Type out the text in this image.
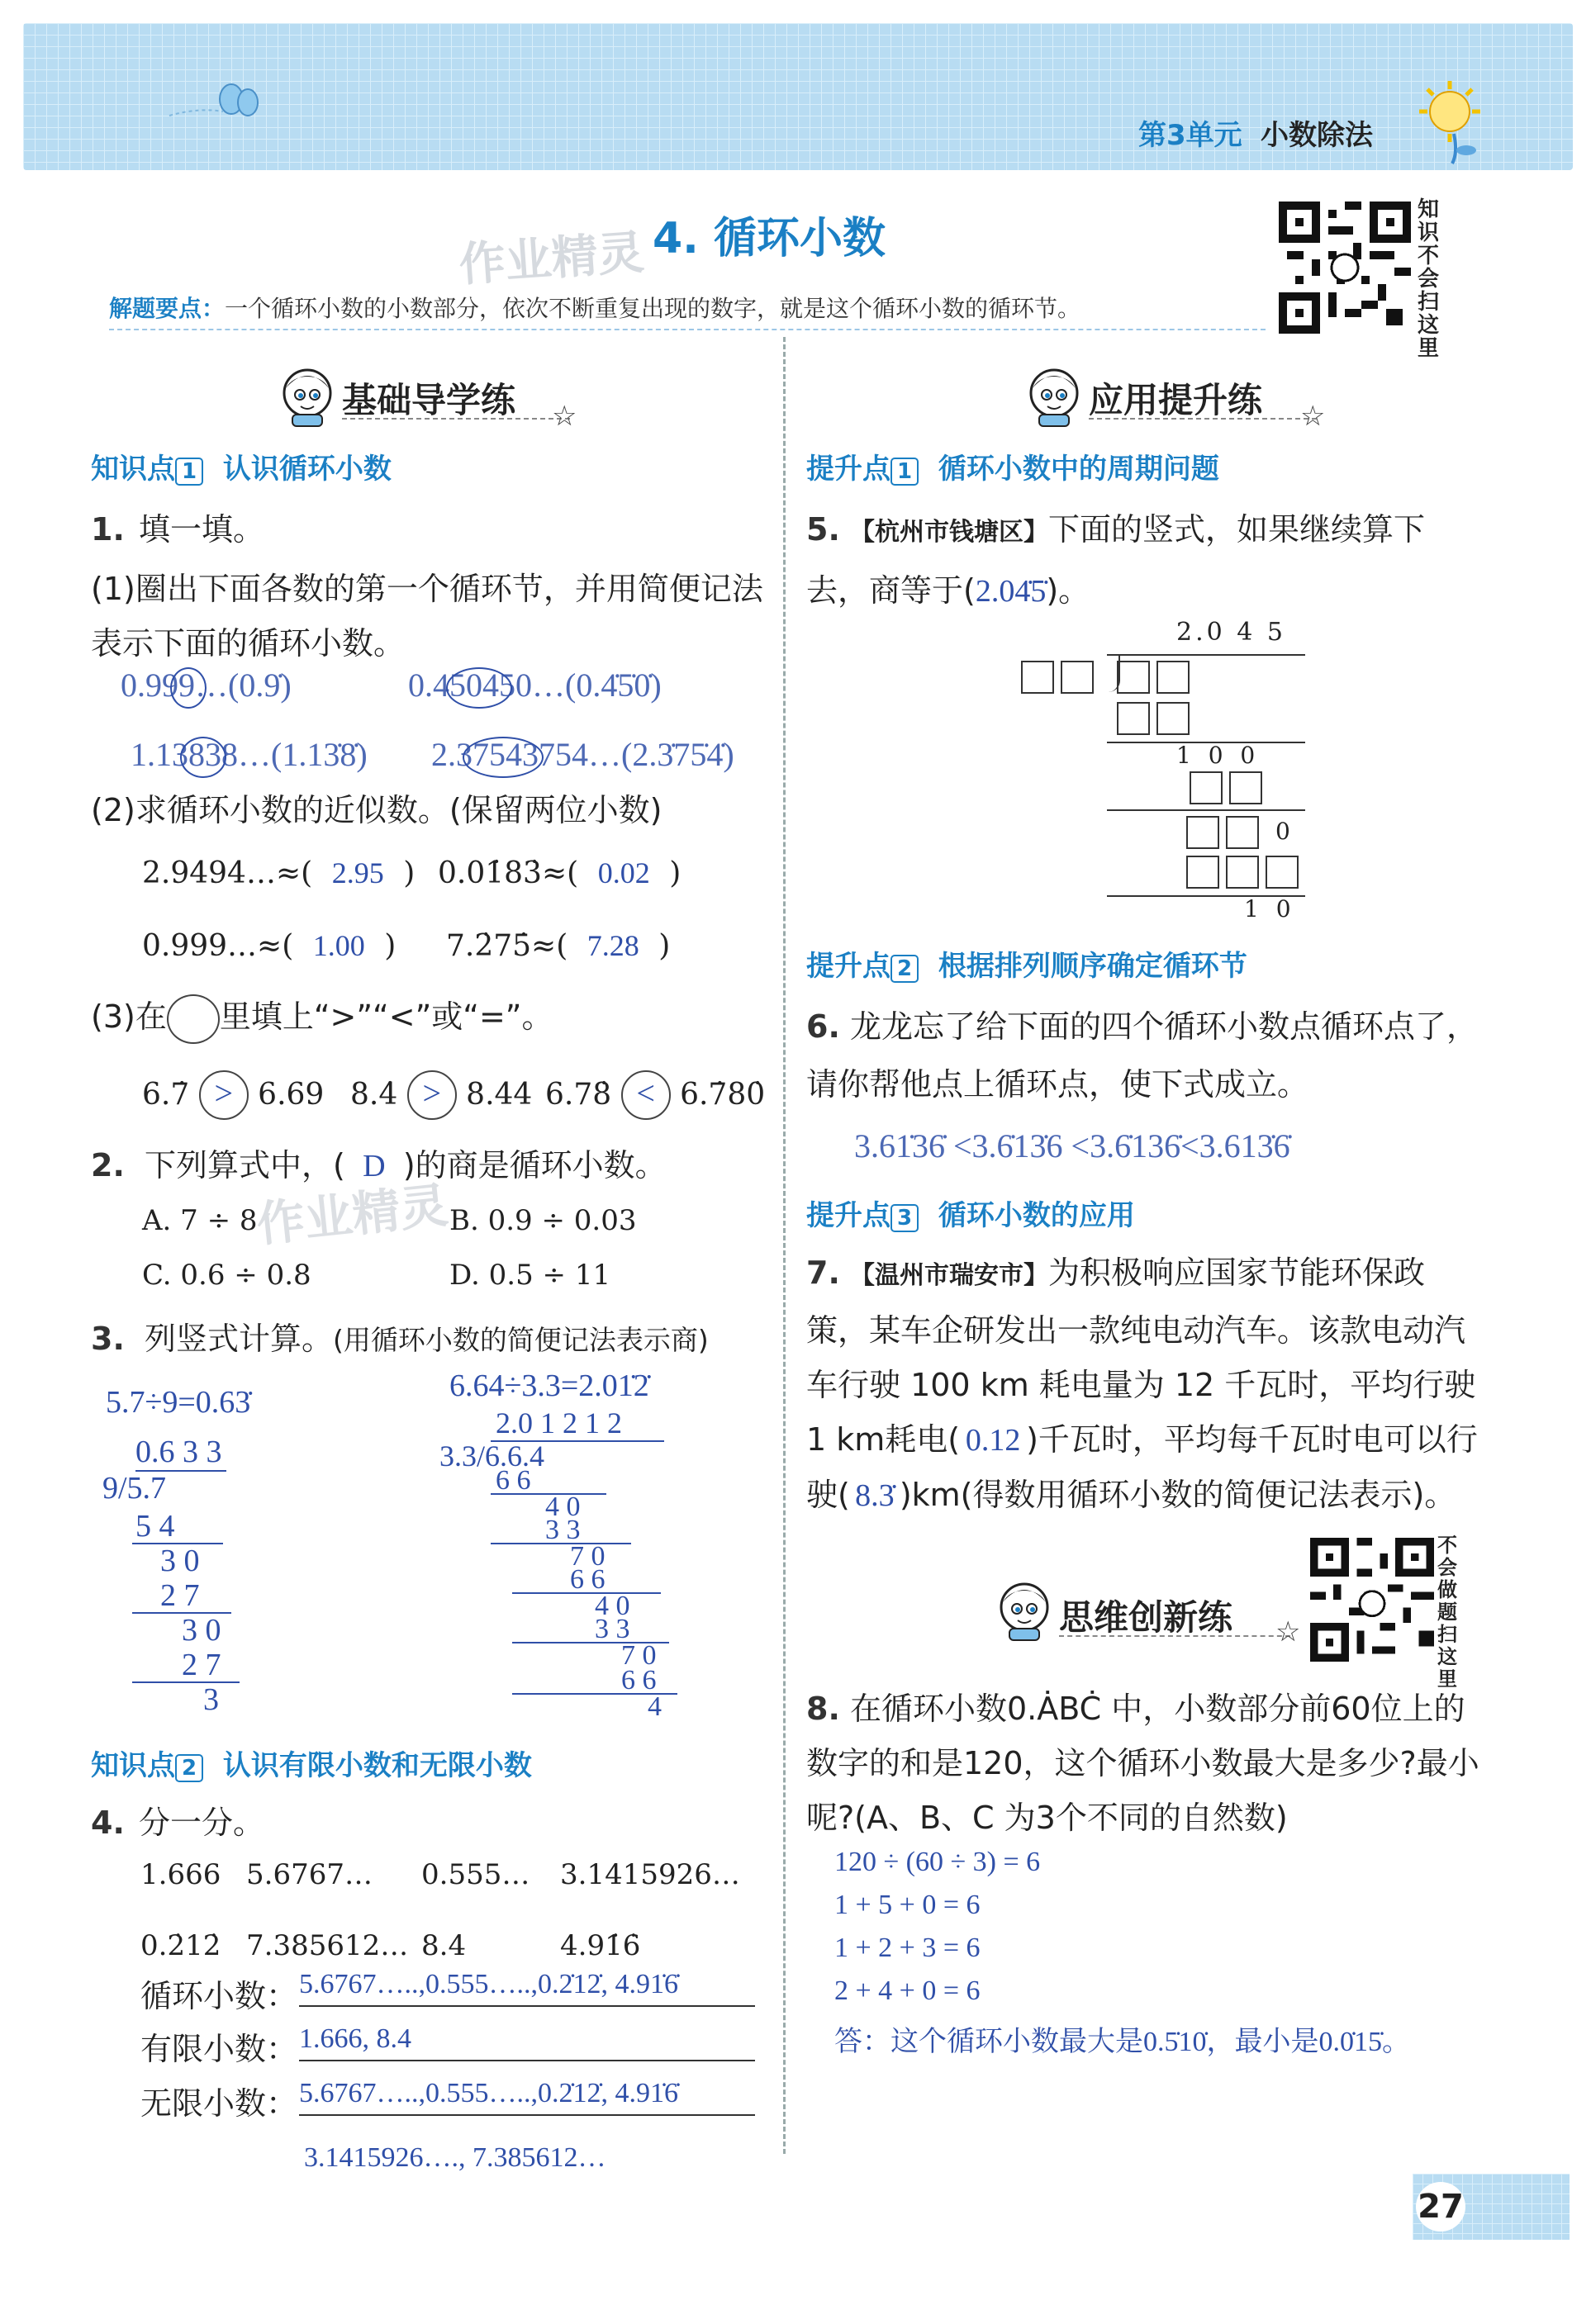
第3单元 小数除法
作业精灵 4. 循环小数
解题要点：一个循环小数的小数部分，依次不断重复出现的数字，就是这个循环小数的循环节。
知识不会扫这里
基础导学练 ☆
知识点 1 认识循环小数
1. 填一填。
(1)圈出下面各数的第一个循环节，并用简便记法表示下面的循环小数。
0.999…(0.9̇)	0.450450…(0.4̇5̇0̇)
1.13838…(1.13̇8̇) 2.37543754…(2.3̇75̇4̇)
(2)求循环小数的近似数。(保留两位小数)
2.9494…≈( 2.95 ) 0.01̇83̇≈( 0.02 )
0.999…≈( 1.00 ) 7.2̇75̇≈( 7.28 )
(3)在 里填上“>”“<”或“=”。
6.7̇ > 6.69 8.4̇ > 8.44 6.78̇ < 6.7̇80̇
2. 下列算式中，( D )的商是循环小数。
作业精灵
A. 7 ÷ 8	B. 0.9 ÷ 0.03
C. 0.6 ÷ 0.8	D. 0.5 ÷ 11
3. 列竖式计算。(用循环小数的简便记法表示商)
5.7÷9=0.63̇
0.6 3 3
9/5.7
5 4
3 0
2 7
3 0
2 7
3
6.64÷3.3=2.01̇2̇
2.0 1 2 1 2
3.3/6.6.4
6 6
4 0
3 3
7 0
6 6
4 0
3 3
7 0
6 6
4
知识点 2 认识有限小数和无限小数
4. 分一分。
1.666 5.6767… 0.555… 3.1415926…
0.2̇12̇ 7.385612… 8.4	4.91̇6̇
循环小数： 5.6767…..,0.555…..,0.2̇12̇, 4.91̇6̇
有限小数： 1.666, 8.4
无限小数： 5.6767…..,0.555…..,0.2̇12̇, 4.91̇6̇
3.1415926…., 7.385612…
应用提升练 ☆
提升点 1 循环小数中的周期问题
5. 【杭州市钱塘区】下面的竖式，如果继续算下去，商等于(2.04̇5̇)。
2.0 4 5
1 0 0
0
1 0
提升点 2 根据排列顺序确定循环节
6. 龙龙忘了给下面的四个循环小数点循环点了，请你帮他点上循环点，使下式成立。
3.61̇36̇ <3.6̇13̇6 <3.6̇136̇<3.613̇6̇
提升点 3 循环小数的应用
7. 【温州市瑞安市】为积极响应国家节能环保政策，某车企研发出一款纯电动汽车。该款电动汽车行驶 100 km 耗电量为 12 千瓦时，平均行驶1 km耗电( 0.12 )千瓦时，平均每千瓦时电可以行驶( 8.3̇ )km(得数用循环小数的简便记法表示)。
不会做题扫这里
思维创新练 ☆
8. 在循环小数0.ȦBĊ 中，小数部分前60位上的数字的和是120，这个循环小数最大是多少?最小呢?(A、B、C 为3个不同的自然数)
120 ÷ (60 ÷ 3) = 6
1 + 5 + 0 = 6
1 + 2 + 3 = 6
2 + 4 + 0 = 6
答：这个循环小数最大是0.5̇10̇，最小是0.0̇15̇。
27
